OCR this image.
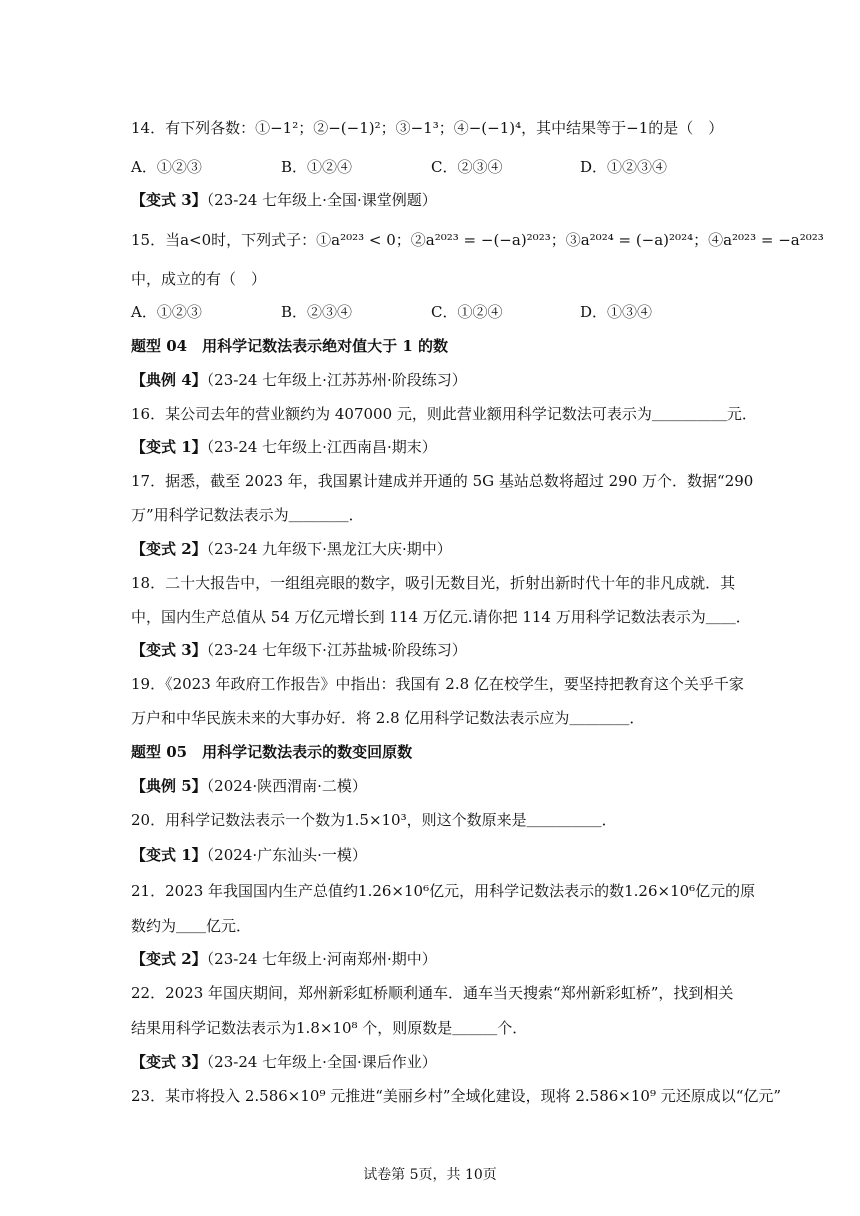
14．有下列各数：①−1²；②−(−1)²；③−1³；④−(−1)⁴，其中结果等于−1的是（　）
A．①②③	B．①②④	C．②③④	D．①②③④
【变式 3】（23-24 七年级上·全国·课堂例题）
15．当a<0时，下列式子：①a²⁰²³ < 0；②a²⁰²³ = −(−a)²⁰²³；③a²⁰²⁴ = (−a)²⁰²⁴；④a²⁰²³ = −a²⁰²³
中，成立的有（　）
A．①②③	B．②③④	C．①②④	D．①③④
题型 04　用科学记数法表示绝对值大于 1 的数
【典例 4】（23-24 七年级上·江苏苏州·阶段练习）
16．某公司去年的营业额约为 407000 元，则此营业额用科学记数法可表示为＿＿＿＿＿元．
【变式 1】（23-24 七年级上·江西南昌·期末）
17．据悉，截至 2023 年，我国累计建成并开通的 5G 基站总数将超过 290 万个．数据“290
万”用科学记数法表示为＿＿＿＿．
【变式 2】（23-24 九年级下·黑龙江大庆·期中）
18．二十大报告中，一组组亮眼的数字，吸引无数目光，折射出新时代十年的非凡成就．其
中，国内生产总值从 54 万亿元增长到 114 万亿元.请你把 114 万用科学记数法表示为＿＿．
【变式 3】（23-24 七年级下·江苏盐城·阶段练习）
19．《2023 年政府工作报告》中指出：我国有 2.8 亿在校学生，要坚持把教育这个关乎千家
万户和中华民族未来的大事办好．将 2.8 亿用科学记数法表示应为＿＿＿＿．
题型 05　用科学记数法表示的数变回原数
【典例 5】（2024·陕西渭南·二模）
20．用科学记数法表示一个数为1.5×10³，则这个数原来是＿＿＿＿＿．
【变式 1】（2024·广东汕头·一模）
21．2023 年我国国内生产总值约1.26×10⁶亿元，用科学记数法表示的数1.26×10⁶亿元的原
数约为＿＿亿元．
【变式 2】（23-24 七年级上·河南郑州·期中）
22．2023 年国庆期间，郑州新彩虹桥顺利通车．通车当天搜索“郑州新彩虹桥”，找到相关
结果用科学记数法表示为1.8×10⁸ 个，则原数是＿＿＿个．
【变式 3】（23-24 七年级上·全国·课后作业）
23．某市将投入 2.586×10⁹ 元推进“美丽乡村”全域化建设，现将 2.586×10⁹ 元还原成以“亿元”
试卷第 5页，共 10页
